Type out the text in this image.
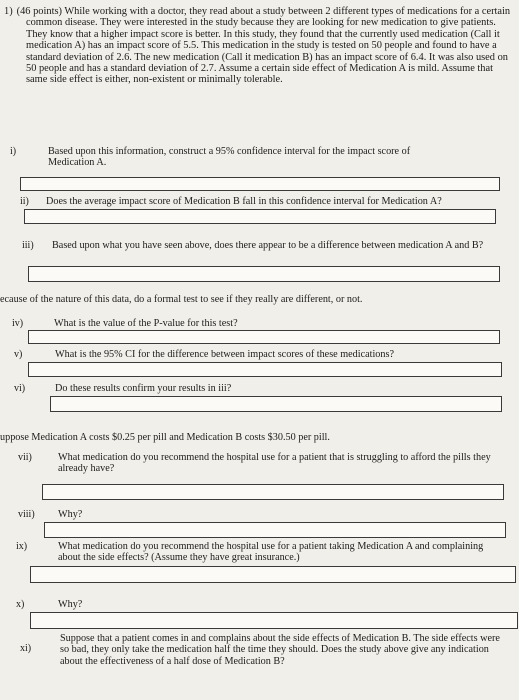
1) (46 points) While working with a doctor, they read about a study between 2 different types of medications for a certain common disease. They were interested in the study because they are looking for new medication to give patients. They know that a higher impact score is better. In this study, they found that the currently used medication (Call it medication A) has an impact score of 5.5. This medication in the study is tested on 50 people and found to have a standard deviation of 2.6. The new medication (Call it medication B) has an impact score of 6.4. It was also used on 50 people and has a standard deviation of 2.7. Assume a certain side effect of Medication A is mild. Assume that same side effect is either, non-existent or minimally tolerable.
i)	Based upon this information, construct a 95% confidence interval for the impact score of Medication A.
ii) Does the average impact score of Medication B fall in this confidence interval for Medication A?
iii) Based upon what you have seen above, does there appear to be a difference between medication A and B?
ecause of the nature of this data, do a formal test to see if they really are different, or not.
iv)	What is the value of the P-value for this test?
v)	What is the 95% CI for the difference between impact scores of these medications?
vi)	Do these results confirm your results in iii?
uppose Medication A costs $0.25 per pill and Medication B costs $30.50 per pill.
vii)	What medication do you recommend the hospital use for a patient that is struggling to afford the pills they already have?
viii) Why?
ix)	What medication do you recommend the hospital use for a patient taking Medication A and complaining about the side effects? (Assume they have great insurance.)
x)	Why?
xi)
Suppose that a patient comes in and complains about the side effects of Medication B. The side effects were so bad, they only take the medication half the time they should. Does the study above give any indication about the effectiveness of a half dose of Medication B?
